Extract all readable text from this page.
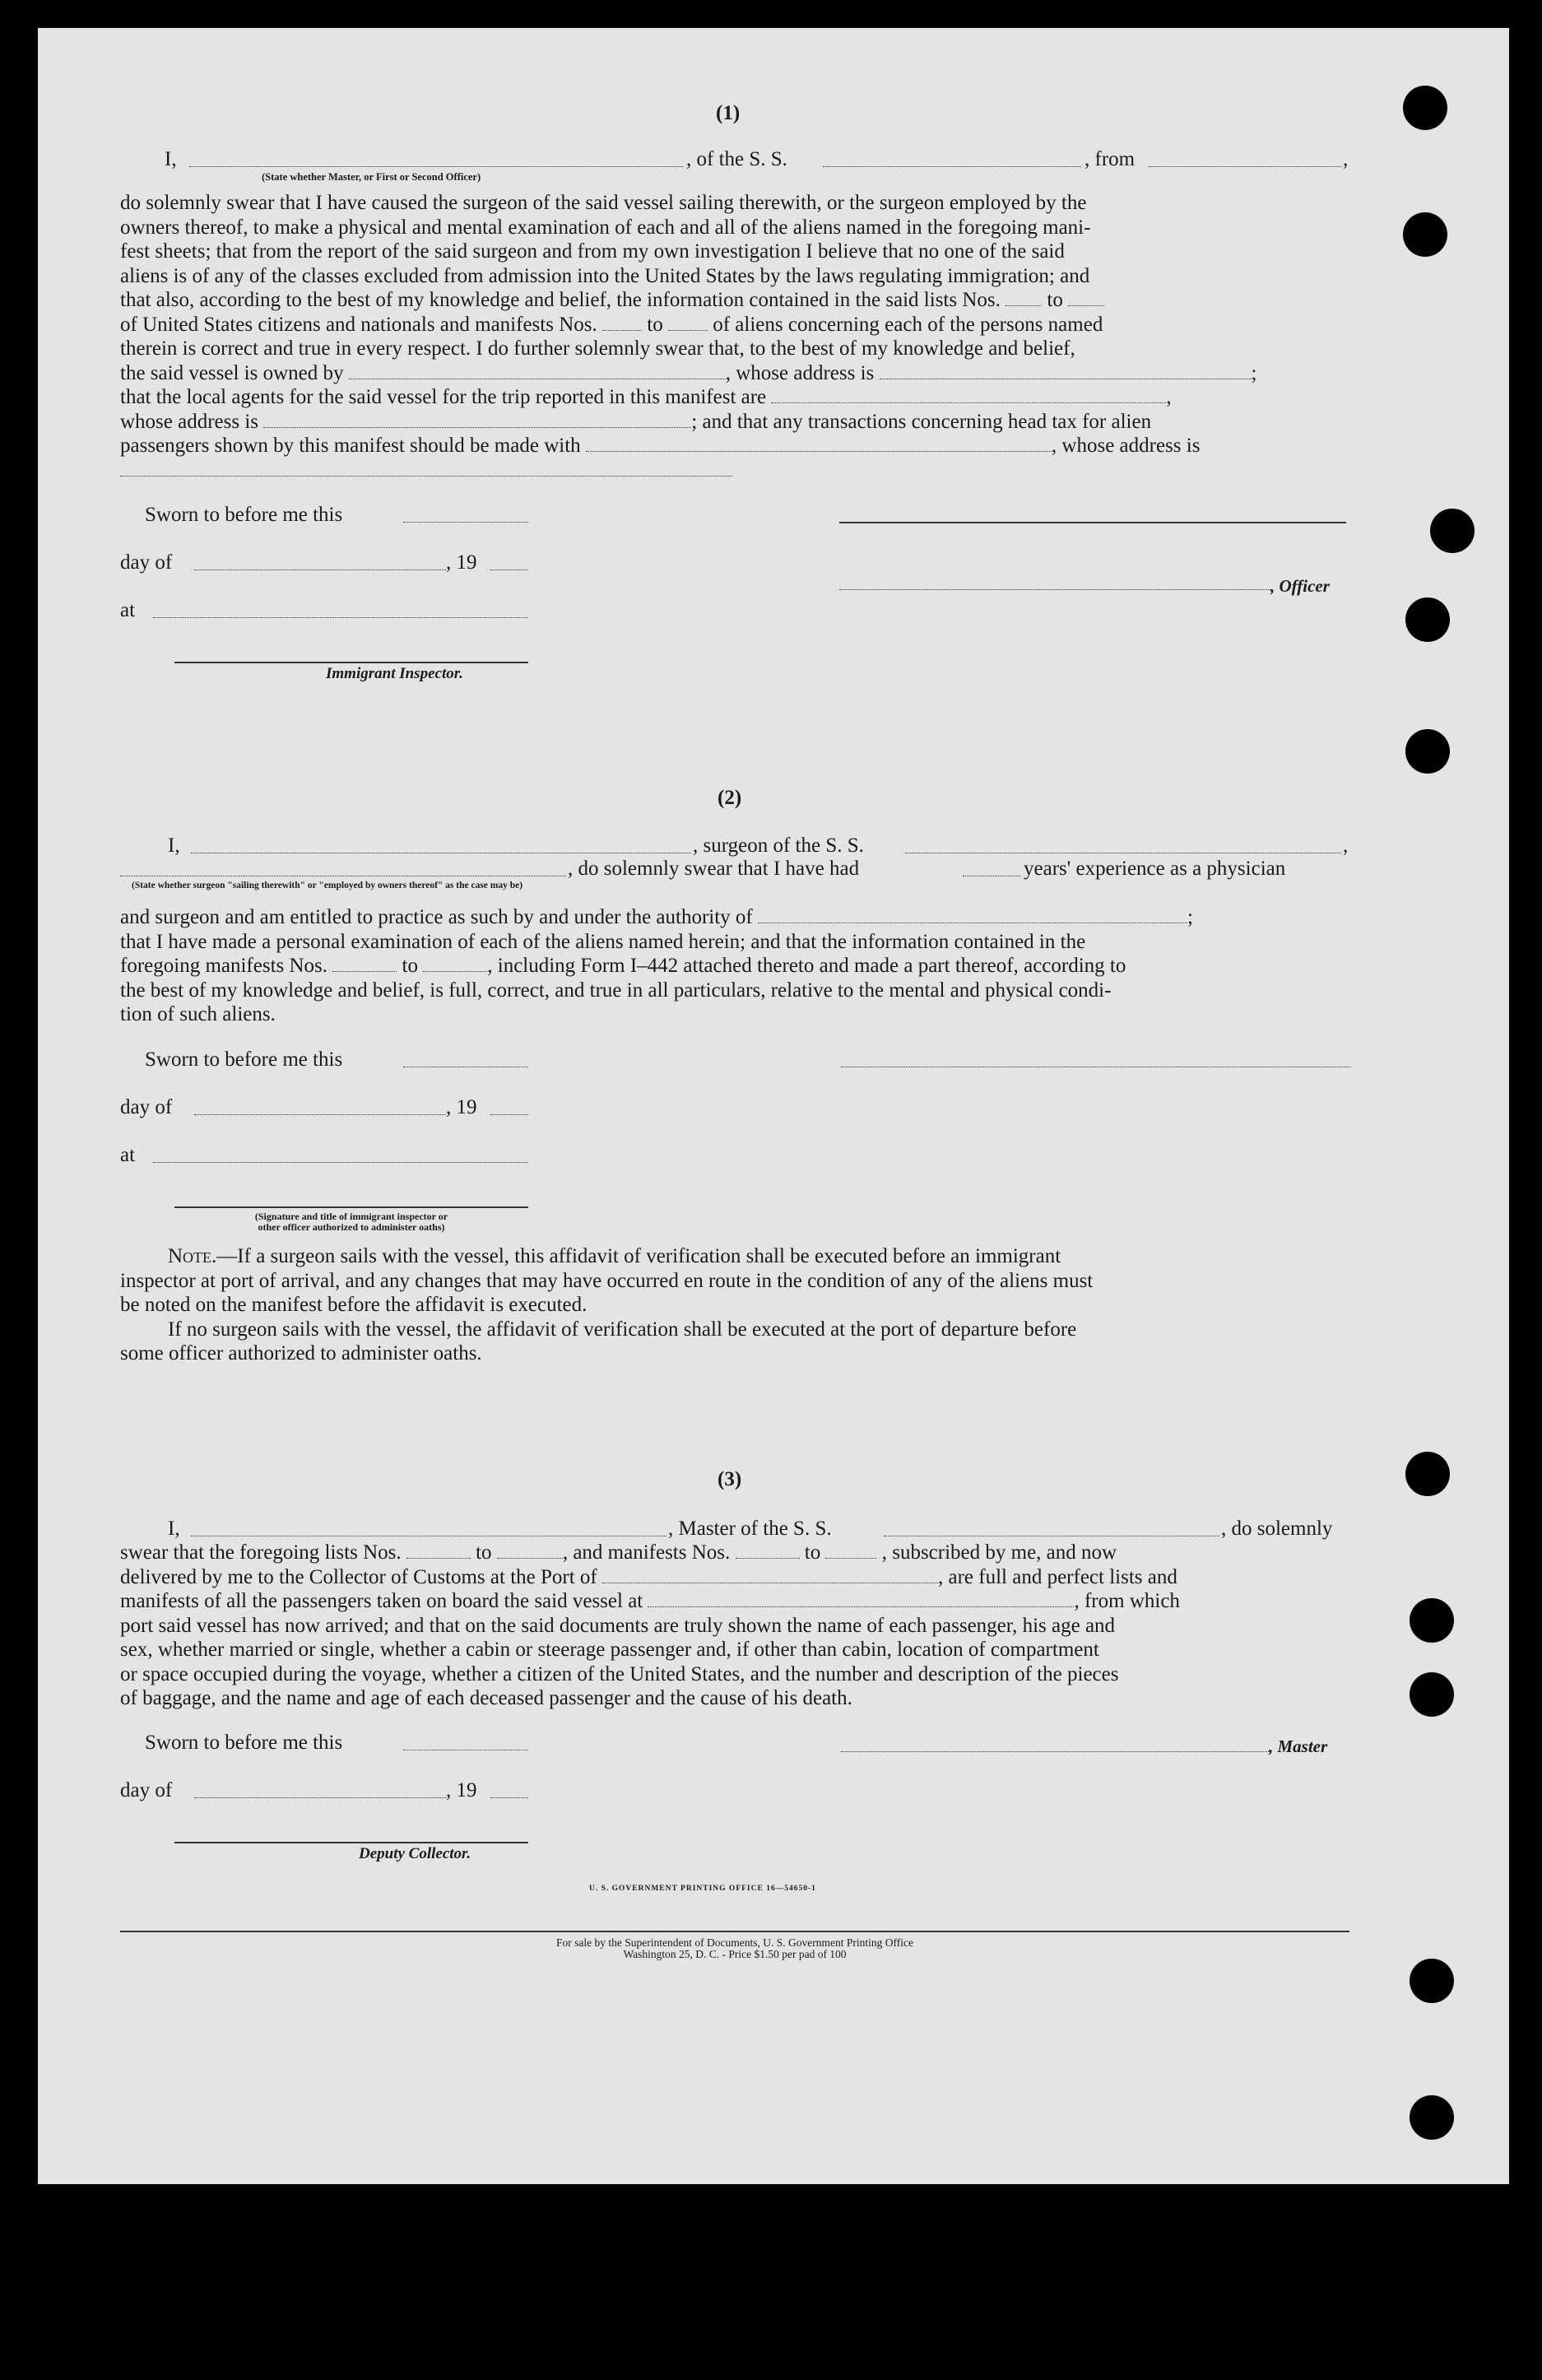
(1)
I,	, of the S. S.	, from	,
(State whether Master, or First or Second Officer)
do solemnly swear that I have caused the surgeon of the said vessel sailing therewith, or the surgeon employed by the
owners thereof, to make a physical and mental examination of each and all of the aliens named in the foregoing mani-
fest sheets; that from the report of the said surgeon and from my own investigation I believe that no one of the said
aliens is of any of the classes excluded from admission into the United States by the laws regulating immigration; and
that also, according to the best of my knowledge and belief, the information contained in the said lists Nos. to
of United States citizens and nationals and manifests Nos. to of aliens concerning each of the persons named
therein is correct and true in every respect. I do further solemnly swear that, to the best of my knowledge and belief,
the said vessel is owned by	, whose address is	;
that the local agents for the said vessel for the trip reported in this manifest are	,
whose address is	; and that any transactions concerning head tax for alien
passengers shown by this manifest should be made with	, whose address is
Sworn to before me this
day of	, 19
, Officer
at
Immigrant Inspector.
(2)
I,	, surgeon of the S. S.	,
, do solemnly swear that I have had	years' experience as a physician
(State whether surgeon "sailing therewith" or "employed by owners thereof" as the case may be)
and surgeon and am entitled to practice as such by and under the authority of	;
that I have made a personal examination of each of the aliens named herein; and that the information contained in the
foregoing manifests Nos.	to	, including Form I–442 attached thereto and made a part thereof, according to
the best of my knowledge and belief, is full, correct, and true in all particulars, relative to the mental and physical condi-
tion of such aliens.
Sworn to before me this
day of	, 19
at
(Signature and title of immigrant inspector or
other officer authorized to administer oaths)
Note.—If a surgeon sails with the vessel, this affidavit of verification shall be executed before an immigrant
inspector at port of arrival, and any changes that may have occurred en route in the condition of any of the aliens must
be noted on the manifest before the affidavit is executed.
If no surgeon sails with the vessel, the affidavit of verification shall be executed at the port of departure before
some officer authorized to administer oaths.
(3)
I,	, Master of the S. S.	, do solemnly
swear that the foregoing lists Nos.	to	, and manifests Nos.	to	, subscribed by me, and now
delivered by me to the Collector of Customs at the Port of	, are full and perfect lists and
manifests of all the passengers taken on board the said vessel at	, from which
port said vessel has now arrived; and that on the said documents are truly shown the name of each passenger, his age and
sex, whether married or single, whether a cabin or steerage passenger and, if other than cabin, location of compartment
or space occupied during the voyage, whether a citizen of the United States, and the number and description of the pieces
of baggage, and the name and age of each deceased passenger and the cause of his death.
Sworn to before me this	, Master
day of	, 19
Deputy Collector.
U. S. GOVERNMENT PRINTING OFFICE 16—54650-1
For sale by the Superintendent of Documents, U. S. Government Printing Office
Washington 25, D. C. - Price $1.50 per pad of 100
